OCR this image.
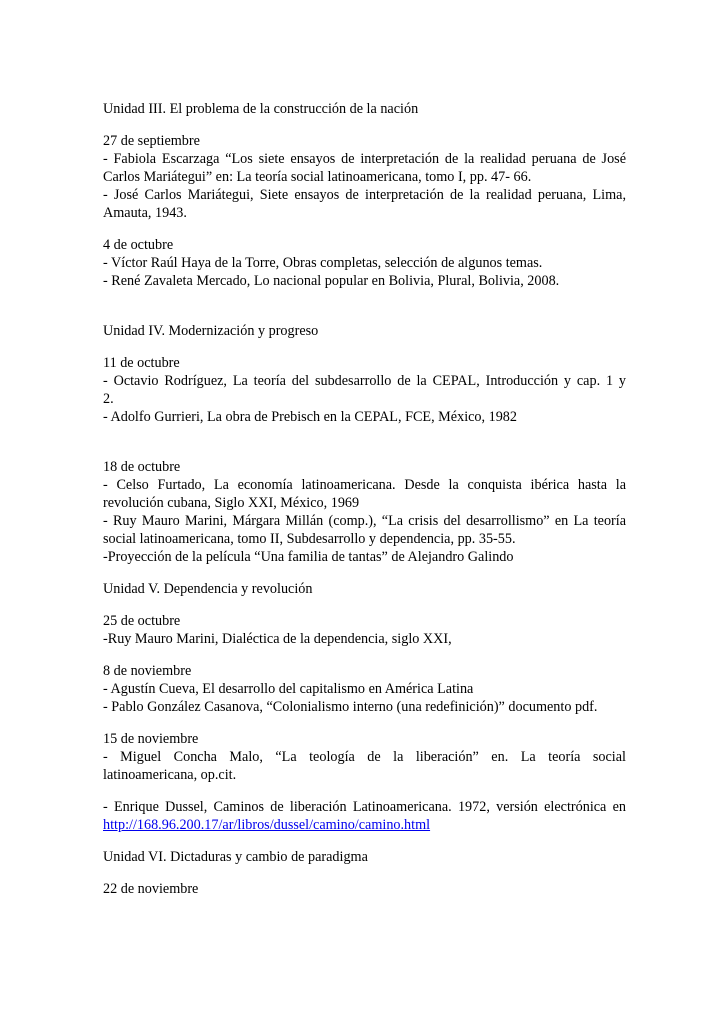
Unidad III. El problema de la construcción de la nación
27 de septiembre
- Fabiola Escarzaga “Los siete ensayos de interpretación de la realidad peruana de José
Carlos Mariátegui” en: La teoría social latinoamericana, tomo I, pp. 47- 66.
- José Carlos Mariátegui, Siete ensayos de interpretación de la realidad peruana, Lima,
Amauta, 1943.
4 de octubre
- Víctor Raúl Haya de la Torre, Obras completas, selección de algunos temas.
- René Zavaleta Mercado, Lo nacional popular en Bolivia, Plural, Bolivia, 2008.
Unidad IV. Modernización y progreso
11 de octubre
- Octavio Rodríguez, La teoría del subdesarrollo de la CEPAL, Introducción y cap. 1 y
2.
- Adolfo Gurrieri, La obra de Prebisch en la CEPAL, FCE, México, 1982
18 de octubre
- Celso Furtado, La economía latinoamericana. Desde la conquista ibérica hasta la
revolución cubana, Siglo XXI, México, 1969
- Ruy Mauro Marini, Márgara Millán (comp.), “La crisis del desarrollismo” en La teoría
social latinoamericana, tomo II, Subdesarrollo y dependencia, pp. 35-55.
-Proyección de la película “Una familia de tantas” de Alejandro Galindo
Unidad V. Dependencia y revolución
25 de octubre
-Ruy Mauro Marini, Dialéctica de la dependencia, siglo XXI,
8 de noviembre
- Agustín Cueva, El desarrollo del capitalismo en América Latina
- Pablo González Casanova, “Colonialismo interno (una redefinición)” documento pdf.
15 de noviembre
- Miguel Concha Malo, “La teología de la liberación” en. La teoría social
latinoamericana, op.cit.
- Enrique Dussel, Caminos de liberación Latinoamericana. 1972, versión electrónica en
http://168.96.200.17/ar/libros/dussel/camino/camino.html
Unidad VI. Dictaduras y cambio de paradigma
22 de noviembre
